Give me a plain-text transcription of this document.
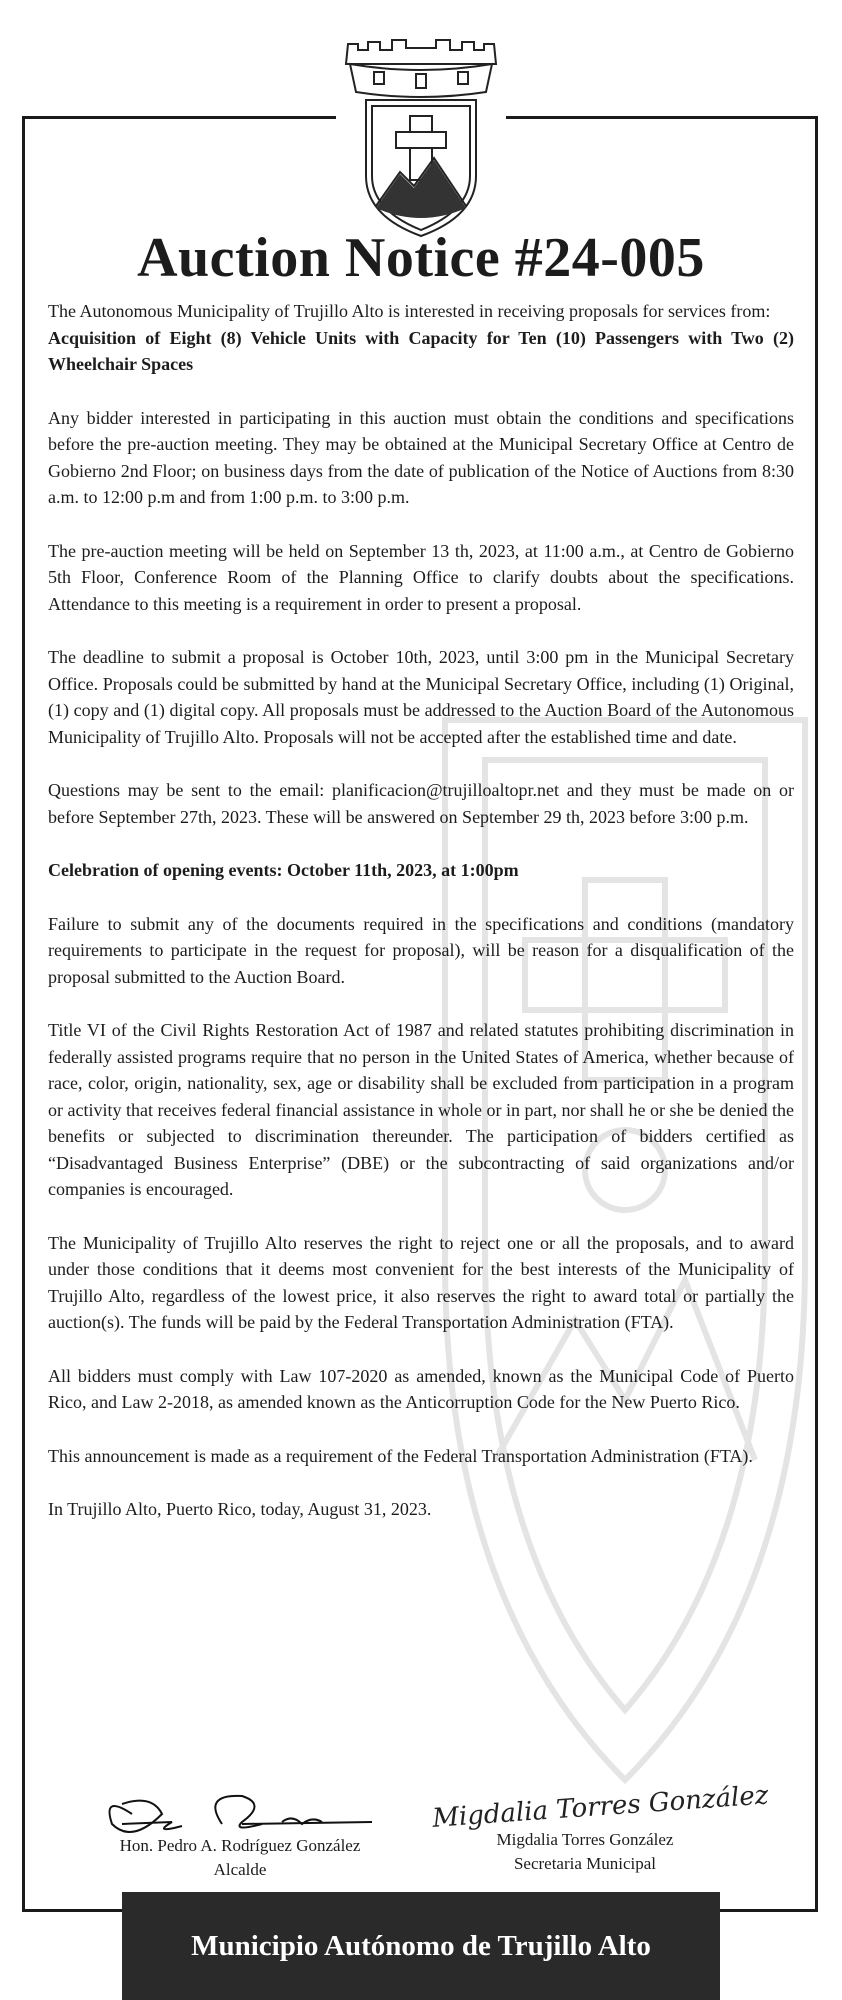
Auction Notice #24-005

The Autonomous Municipality of Trujillo Alto is interested in receiving proposals for services from:

Acquisition of Eight (8) Vehicle Units with Capacity for Ten (10) Passengers with Two (2) Wheelchair Spaces

Any bidder interested in participating in this auction must obtain the conditions and specifications before the pre-auction meeting. They may be obtained at the Municipal Secretary Office at Centro de Gobierno 2nd Floor; on business days from the date of publication of the Notice of Auctions from 8:30 a.m. to 12:00 p.m and from 1:00 p.m. to 3:00 p.m.

The pre-auction meeting will be held on September 13 th, 2023, at 11:00 a.m., at Centro de Gobierno 5th Floor, Conference Room of the Planning Office to clarify doubts about the specifications. Attendance to this meeting is a requirement in order to present a proposal.

The deadline to submit a proposal is October 10th, 2023, until 3:00 pm in the Municipal Secretary Office. Proposals could be submitted by hand at the Municipal Secretary Office, including (1) Original, (1) copy and (1) digital copy. All proposals must be addressed to the Auction Board of the Autonomous Municipality of Trujillo Alto. Proposals will not be accepted after the established time and date.

Questions may be sent to the email: planificacion@trujilloaltopr.net and they must be made on or before September 27th, 2023. These will be answered on September 29 th, 2023 before 3:00 p.m.

Celebration of opening events: October 11th, 2023, at 1:00pm

Failure to submit any of the documents required in the specifications and conditions (mandatory requirements to participate in the request for proposal), will be reason for a disqualification of the proposal submitted to the Auction Board.

Title VI of the Civil Rights Restoration Act of 1987 and related statutes prohibiting discrimination in federally assisted programs require that no person in the United States of America, whether because of race, color, origin, nationality, sex, age or disability shall be excluded from participation in a program or activity that receives federal financial assistance in whole or in part, nor shall he or she be denied the benefits or subjected to discrimination thereunder. The participation of bidders certified as “Disadvantaged Business Enterprise” (DBE) or the subcontracting of said organizations and/or companies is encouraged.

The Municipality of Trujillo Alto reserves the right to reject one or all the proposals, and to award under those conditions that it deems most convenient for the best interests of the Municipality of Trujillo Alto, regardless of the lowest price, it also reserves the right to award total or partially the auction(s). The funds will be paid by the Federal Transportation Administration (FTA).

All bidders must comply with Law 107-2020 as amended, known as the Municipal Code of Puerto Rico, and Law 2-2018, as amended known as the Anticorruption Code for the New Puerto Rico.

This announcement is made as a requirement of the Federal Transportation Administration (FTA).

In Trujillo Alto, Puerto Rico, today, August 31, 2023.

Hon. Pedro A. Rodríguez González
Alcalde
Migdalia Torres González
Migdalia Torres González
Secretaria Municipal
Municipio Autónomo de Trujillo Alto
